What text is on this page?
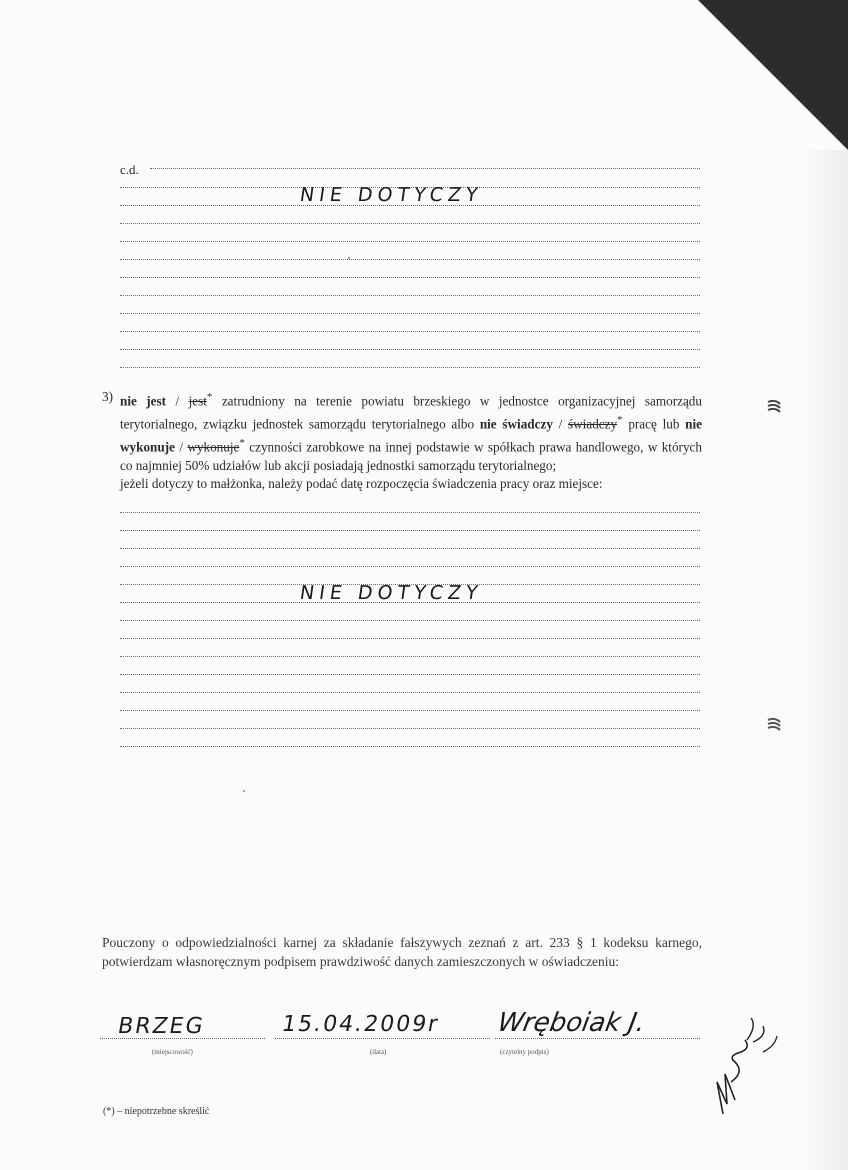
c.d.
NIE DOTYCZY
3) nie jest / jest* zatrudniony na terenie powiatu brzeskiego w jednostce organizacyjnej samorządu terytorialnego, związku jednostek samorządu terytorialnego albo nie świadczy / świadczy* pracę lub nie wykonuje / wykonuje* czynności zarobkowe na innej podstawie w spółkach prawa handlowego, w których co najmniej 50% udziałów lub akcji posiadają jednostki samorządu terytorialnego;
jeżeli dotyczy to małżonka, należy podać datę rozpoczęcia świadczenia pracy oraz miejsce:
NIE DOTYCZY
Pouczony o odpowiedzialności karnej za składanie fałszywych zeznań z art. 233 § 1 kodeksu karnego, potwierdzam własnoręcznym podpisem prawdziwość danych zamieszczonych w oświadczeniu:
BRZEG
(miejscowość)
15.04.2009r
(data)
Wręboiak J.
(czytelny podpis)
(*) – niepotrzebne skreślić
